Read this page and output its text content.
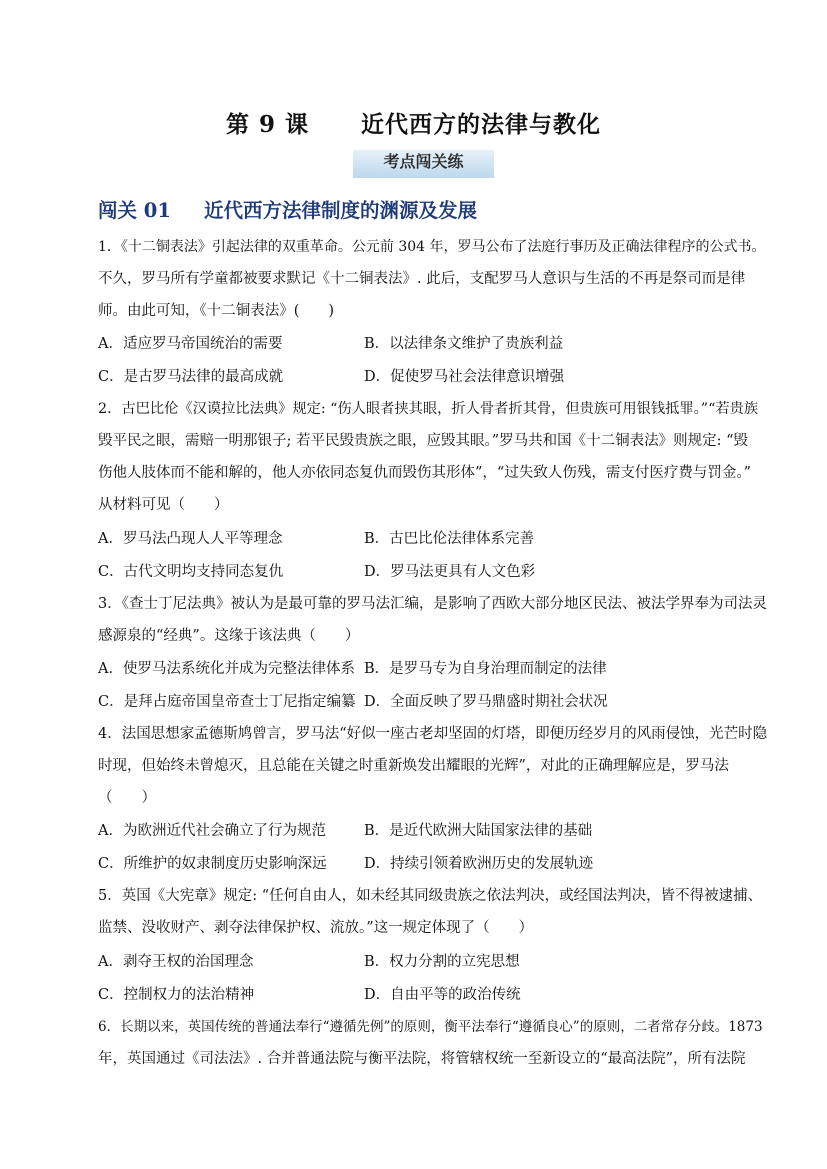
第 9 课 近代西方的法律与教化
考点闯关练
闯关 01 近代西方法律制度的渊源及发展
1．《十二铜表法》引起法律的双重革命。公元前 304 年，罗马公布了法庭行事历及正确法律程序的公式书。
不久，罗马所有学童都被要求默记《十二铜表法》. 此后，支配罗马人意识与生活的不再是祭司而是律
师。由此可知，《十二铜表法》(　　)
A．适应罗马帝国统治的需要	B．以法律条文维护了贵族利益
C．是古罗马法律的最高成就	D．促使罗马社会法律意识增强
2．古巴比伦《汉谟拉比法典》规定: “伤人眼者挟其眼，折人骨者折其骨，但贵族可用银钱抵罪。”“若贵族
毁平民之眼，需赔一明那银子; 若平民毁贵族之眼，应毁其眼。”罗马共和国《十二铜表法》则规定: “毁
伤他人肢体而不能和解的，他人亦依同态复仇而毁伤其形体”，“过失致人伤残，需支付医疗费与罚金。”
从材料可见（　　）
A．罗马法凸现人人平等理念	B．古巴比伦法律体系完善
C．古代文明均支持同态复仇	D．罗马法更具有人文色彩
3．《查士丁尼法典》被认为是最可靠的罗马法汇编，是影响了西欧大部分地区民法、被法学界奉为司法灵
感源泉的“经典”。这缘于该法典（　　）
A．使罗马法系统化并成为完整法律体系 B．是罗马专为自身治理而制定的法律
C．是拜占庭帝国皇帝查士丁尼指定编纂 D．全面反映了罗马鼎盛时期社会状况
4．法国思想家孟德斯鸠曾言，罗马法“好似一座古老却坚固的灯塔，即便历经岁月的风雨侵蚀，光芒时隐
时现，但始终未曾熄灭，且总能在关键之时重新焕发出耀眼的光辉”，对此的正确理解应是，罗马法
（　　）
A．为欧洲近代社会确立了行为规范	B．是近代欧洲大陆国家法律的基础
C．所维护的奴隶制度历史影响深远	D．持续引领着欧洲历史的发展轨迹
5．英国《大宪章》规定: “任何自由人，如未经其同级贵族之依法判决，或经国法判决，皆不得被逮捕、
监禁、没收财产、剥夺法律保护权、流放。”这一规定体现了（　　）
A．剥夺王权的治国理念	B．权力分割的立宪思想
C．控制权力的法治精神	D．自由平等的政治传统
6．长期以来，英国传统的普通法奉行“遵循先例”的原则，衡平法奉行“遵循良心”的原则，二者常存分歧。1873
年，英国通过《司法法》. 合并普通法院与衡平法院，将管辖权统一至新设立的“最高法院”，所有法院
